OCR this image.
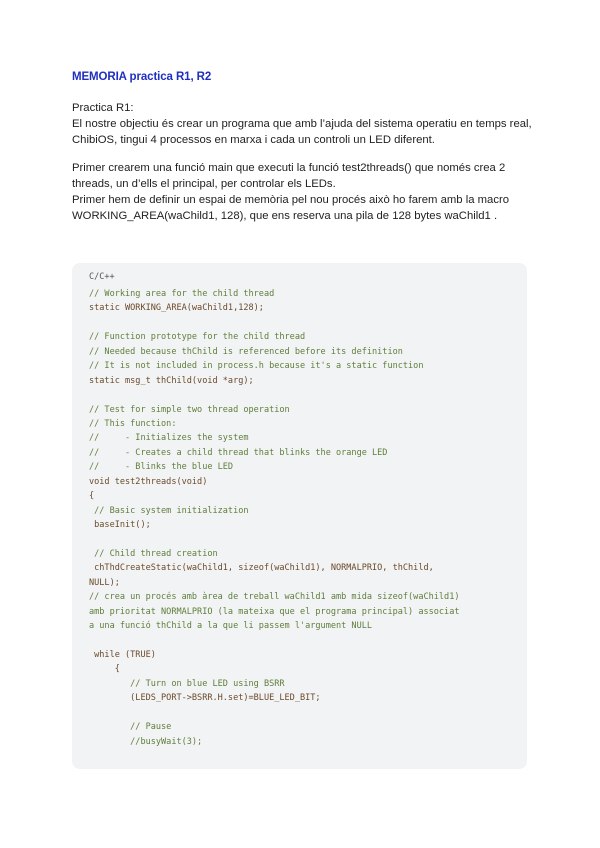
MEMORIA practica R1, R2
Practica R1:
El nostre objectiu és crear un programa que amb l’ajuda del sistema operatiu en temps real,
ChibiOS, tingui 4 processos en marxa i cada un controli un LED diferent.
Primer crearem una funció main que executi la funció test2threads() que només crea 2
threads, un d’ells el principal, per controlar els LEDs.
Primer hem de definir un espai de memòria pel nou procés això ho farem amb la macro
WORKING_AREA(waChild1, 128), que ens reserva una pila de 128 bytes waChild1 .
C/C++
// Working area for the child thread
static WORKING_AREA(waChild1,128);
// Function prototype for the child thread
// Needed because thChild is referenced before its definition
// It is not included in process.h because it's a static function
static msg_t thChild(void *arg);
// Test for simple two thread operation
// This function:
//     - Initializes the system
//     - Creates a child thread that blinks the orange LED
//     - Blinks the blue LED
void test2threads(void)
{
// Basic system initialization
baseInit();
// Child thread creation
chThdCreateStatic(waChild1, sizeof(waChild1), NORMALPRIO, thChild,
NULL);
// crea un procés amb àrea de treball waChild1 amb mida sizeof(waChild1)
amb prioritat NORMALPRIO (la mateixa que el programa principal) associat
a una funció thChild a la que li passem l'argument NULL
while (TRUE)
{
// Turn on blue LED using BSRR
(LEDS_PORT->BSRR.H.set)=BLUE_LED_BIT;
// Pause
//busyWait(3);
